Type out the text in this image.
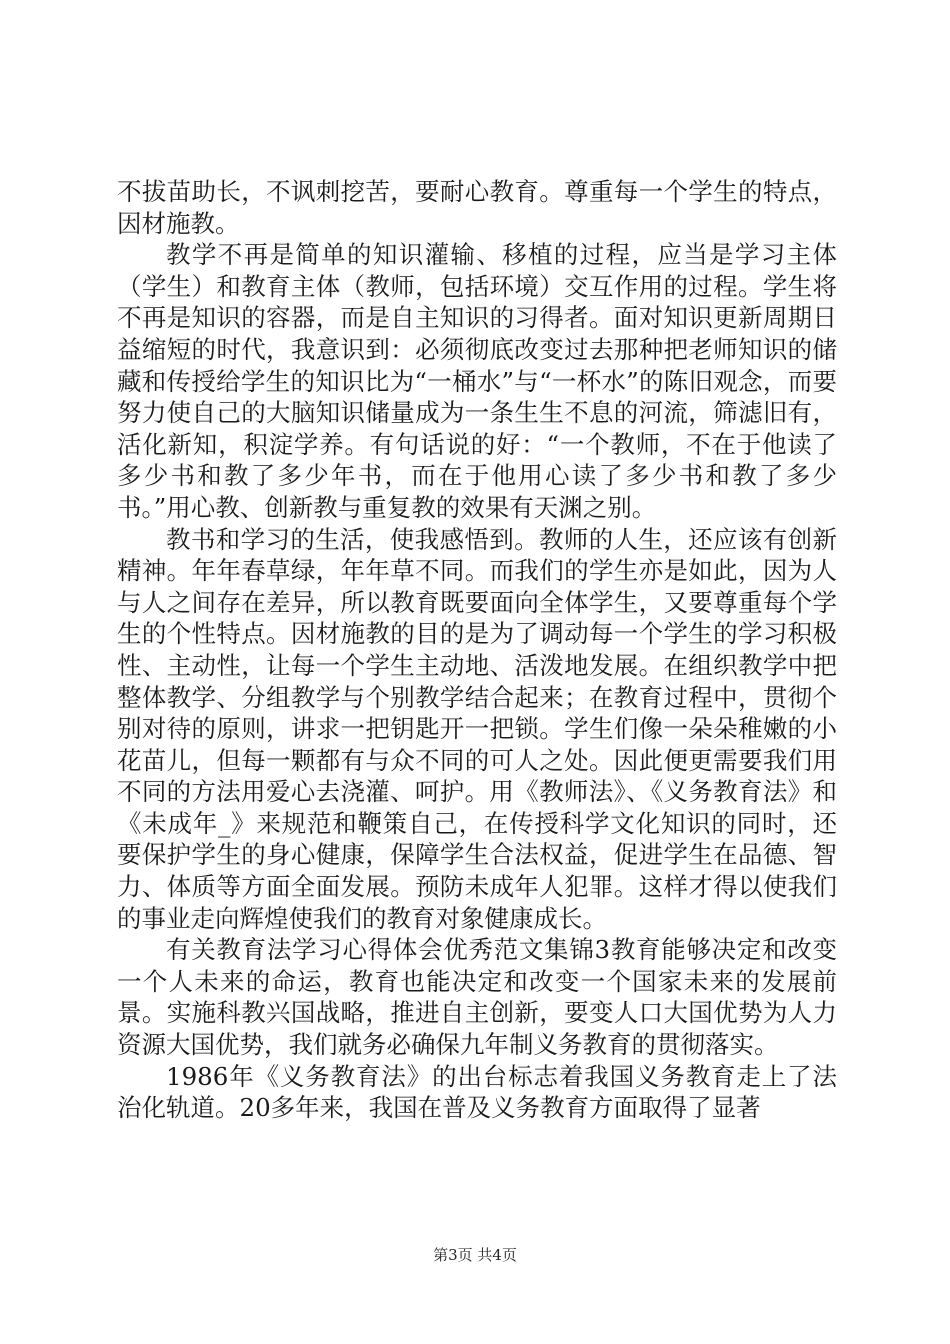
不拔苗助长，不讽刺挖苦，要耐心教育。尊重每一个学生的特点，因材施教。

教学不再是简单的知识灌输、移植的过程，应当是学习主体（学生）和教育主体（教师，包括环境）交互作用的过程。学生将不再是知识的容器，而是自主知识的习得者。面对知识更新周期日益缩短的时代，我意识到：必须彻底改变过去那种把老师知识的储藏和传授给学生的知识比为“一桶水”与“一杯水”的陈旧观念，而要努力使自己的大脑知识储量成为一条生生不息的河流，筛滤旧有，活化新知，积淀学养。有句话说的好：“一个教师，不在于他读了多少书和教了多少年书，而在于他用心读了多少书和教了多少书。”用心教、创新教与重复教的效果有天渊之别。

教书和学习的生活，使我感悟到。教师的人生，还应该有创新精神。年年春草绿，年年草不同。而我们的学生亦是如此，因为人与人之间存在差异，所以教育既要面向全体学生，又要尊重每个学生的个性特点。因材施教的目的是为了调动每一个学生的学习积极性、主动性，让每一个学生主动地、活泼地发展。在组织教学中把整体教学、分组教学与个别教学结合起来；在教育过程中，贯彻个别对待的原则，讲求一把钥匙开一把锁。学生们像一朵朵稚嫩的小花苗儿，但每一颗都有与众不同的可人之处。因此便更需要我们用不同的方法用爱心去浇灌、呵护。用《教师法》、《义务教育法》和《未成年_》来规范和鞭策自己，在传授科学文化知识的同时，还要保护学生的身心健康，保障学生合法权益，促进学生在品德、智力、体质等方面全面发展。预防未成年人犯罪。这样才得以使我们的事业走向辉煌使我们的教育对象健康成长。

有关教育法学习心得体会优秀范文集锦3教育能够决定和改变一个人未来的命运，教育也能决定和改变一个国家未来的发展前景。实施科教兴国战略，推进自主创新，要变人口大国优势为人力资源大国优势，我们就务必确保九年制义务教育的贯彻落实。

1986年《义务教育法》的出台标志着我国义务教育走上了法治化轨道。20多年来，我国在普及义务教育方面取得了显著

第3页 共4页
